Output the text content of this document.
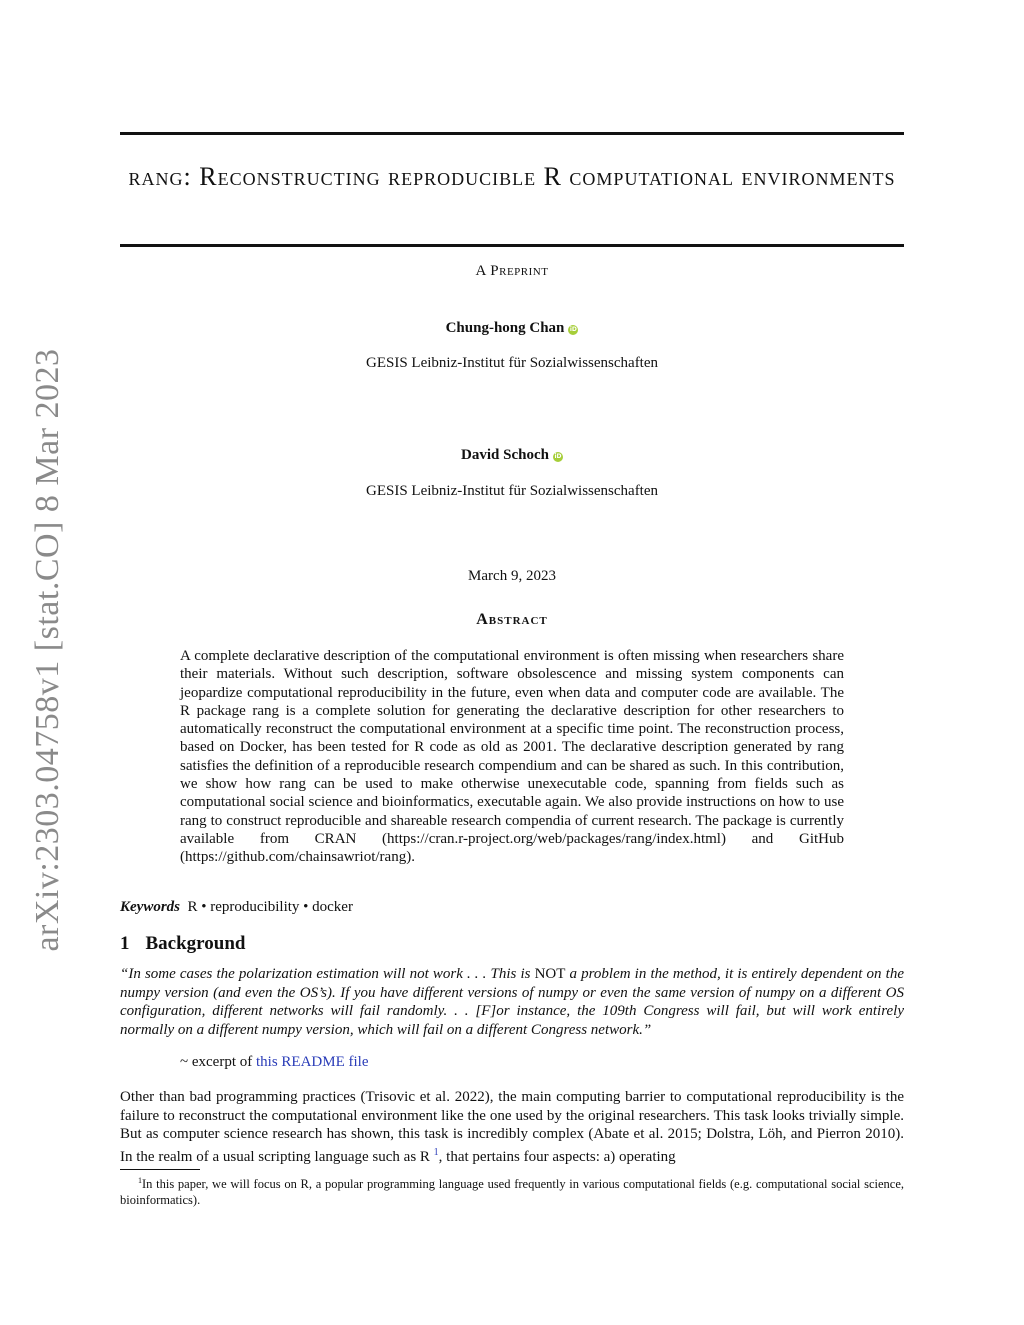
arXiv:2303.04758v1 [stat.CO] 8 Mar 2023
rang: Reconstructing reproducible R computational environments
A Preprint
Chung-hong Chan iD
GESIS Leibniz-Institut für Sozialwissenschaften
David Schoch iD
GESIS Leibniz-Institut für Sozialwissenschaften
March 9, 2023
Abstract
A complete declarative description of the computational environment is often missing when researchers share their materials. Without such description, software obsolescence and missing system components can jeopardize computational reproducibility in the future, even when data and computer code are available. The R package rang is a complete solution for generating the declarative description for other researchers to automatically reconstruct the computational environment at a specific time point. The reconstruction process, based on Docker, has been tested for R code as old as 2001. The declarative description generated by rang satisfies the definition of a reproducible research compendium and can be shared as such. In this contribution, we show how rang can be used to make otherwise unexecutable code, spanning from fields such as computational social science and bioinformatics, executable again. We also provide instructions on how to use rang to construct reproducible and shareable research compendia of current research. The package is currently available from CRAN (https://cran.r-project.org/web/packages/rang/index.html) and GitHub (https://github.com/chainsawriot/rang).
Keywords R • reproducibility • docker
1 Background
“In some cases the polarization estimation will not work . . . This is NOT a problem in the method, it is entirely dependent on the numpy version (and even the OS’s). If you have different versions of numpy or even the same version of numpy on a different OS configuration, different networks will fail randomly. . . [F]or instance, the 109th Congress will fail, but will work entirely normally on a different numpy version, which will fail on a different Congress network.”
~ excerpt of this README file
Other than bad programming practices (Trisovic et al. 2022), the main computing barrier to computational reproducibility is the failure to reconstruct the computational environment like the one used by the original researchers. This task looks trivially simple. But as computer science research has shown, this task is incredibly complex (Abate et al. 2015; Dolstra, Löh, and Pierron 2010). In the realm of a usual scripting language such as R $^1$, that pertains four aspects: a) operating
$^1$In this paper, we will focus on R, a popular programming language used frequently in various computational fields (e.g. computational social science, bioinformatics).
